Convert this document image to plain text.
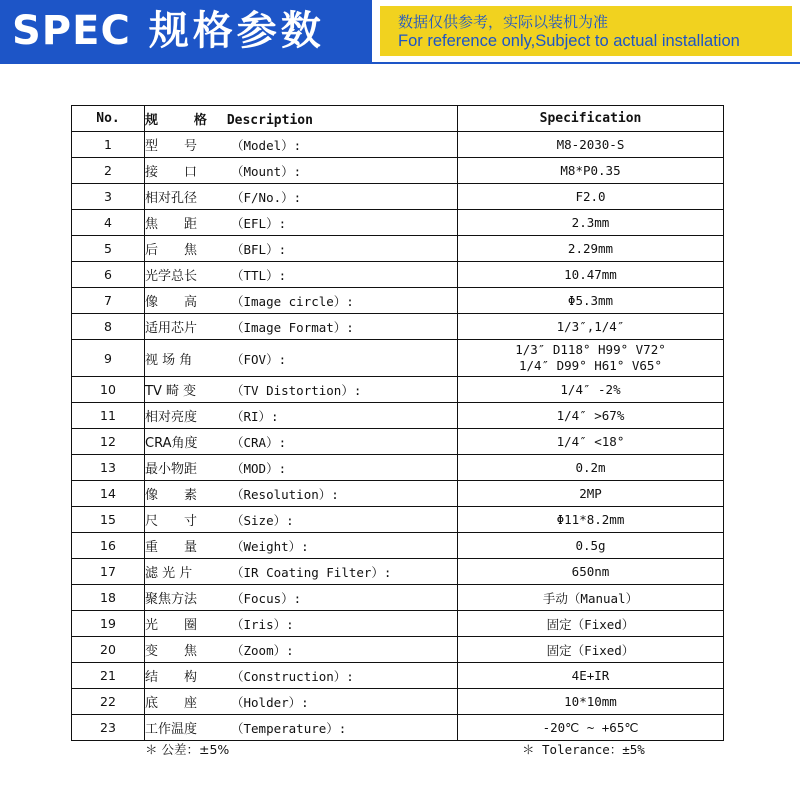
SPEC 规格参数	数据仅供参考，实际以装机为准
For reference only,Subject to actual installation
No.	规 格 Description	Specification
1	型　　号 （Model）:	M8-2030-S
2	接　　口 （Mount）:	M8*P0.35
3	相对孔径 （F/No.）:	F2.0
4	焦　　距 （EFL）:	2.3mm
5	后　　焦 （BFL）:	2.29mm
6	光学总长 （TTL）:	10.47mm
7	像　　高 （Image circle）:	Φ5.3mm
8	适用芯片 （Image Format）:	1/3″,1/4″
9	视 场 角 （FOV）:	1/3″ D118° H99° V72°
1/4″ D99° H61° V65°

10	TV 畸 变 （TV Distortion）:	1/4″ -2%
11	相对亮度 （RI）:	1/4″ >67%
12	CRA角度 （CRA）:	1/4″ <18°
13	最小物距 （MOD）:	0.2m
14	像　　素 （Resolution）:	2MP
15	尺　　寸 （Size）:	Φ11*8.2mm
16	重　　量 （Weight）:	0.5g
17	滤 光 片 （IR Coating Filter）:	650nm
18	聚焦方法 （Focus）:	手动（Manual）
19	光　　圈 （Iris）:	固定（Fixed）
20	变　　焦 （Zoom）:	固定（Fixed）
21	结　　构 （Construction）:	4E+IR
22	底　　座 （Holder）:	10*10mm
23	工作温度 （Temperature）:	-20℃ ~ +65℃
＊ 公差：±5%	＊ Tolerance：±5%
